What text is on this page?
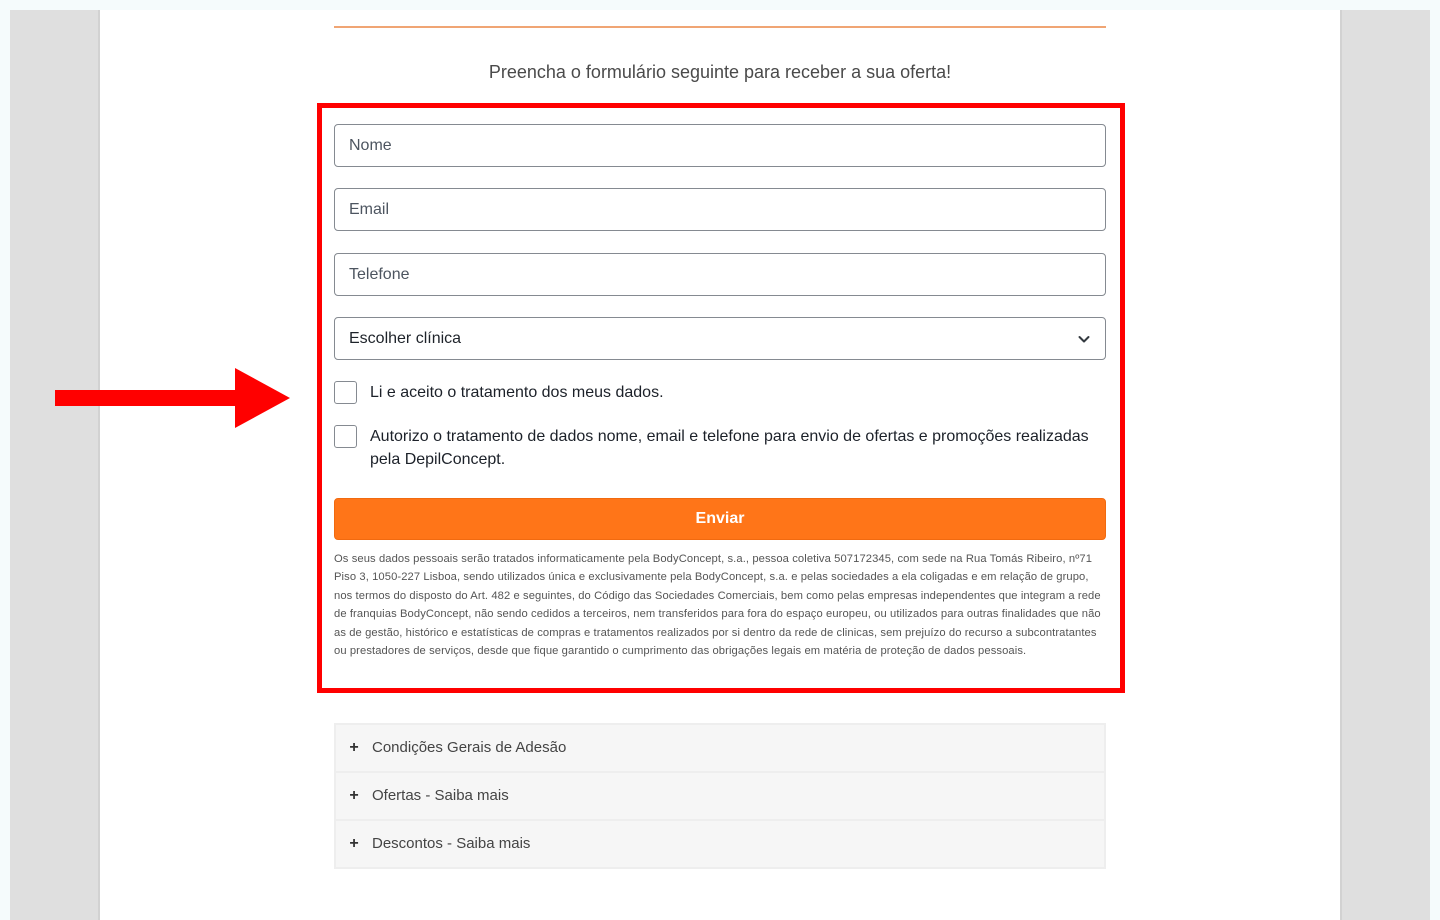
Preencha o formulário seguinte para receber a sua oferta!

Nome
Email
Telefone
Escolher clínica
Li e aceito o tratamento dos meus dados.
Autorizo o tratamento de dados nome, email e telefone para envio de ofertas e promoções realizadas pela DepilConcept.
Enviar

Os seus dados pessoais serão tratados informaticamente pela BodyConcept, s.a., pessoa coletiva 507172345, com sede na Rua Tomás Ribeiro, nº71 Piso 3, 1050-227 Lisboa, sendo utilizados única e exclusivamente pela BodyConcept, s.a. e pelas sociedades a ela coligadas e em relação de grupo, nos termos do disposto do Art. 482 e seguintes, do Código das Sociedades Comerciais, bem como pelas empresas independentes que integram a rede de franquias BodyConcept, não sendo cedidos a terceiros, nem transferidos para fora do espaço europeu, ou utilizados para outras finalidades que não as de gestão, histórico e estatísticas de compras e tratamentos realizados por si dentro da rede de clinicas, sem prejuízo do recurso a subcontratantes ou prestadores de serviços, desde que fique garantido o cumprimento das obrigações legais em matéria de proteção de dados pessoais.

+ Condições Gerais de Adesão
+ Ofertas - Saiba mais
+ Descontos - Saiba mais
